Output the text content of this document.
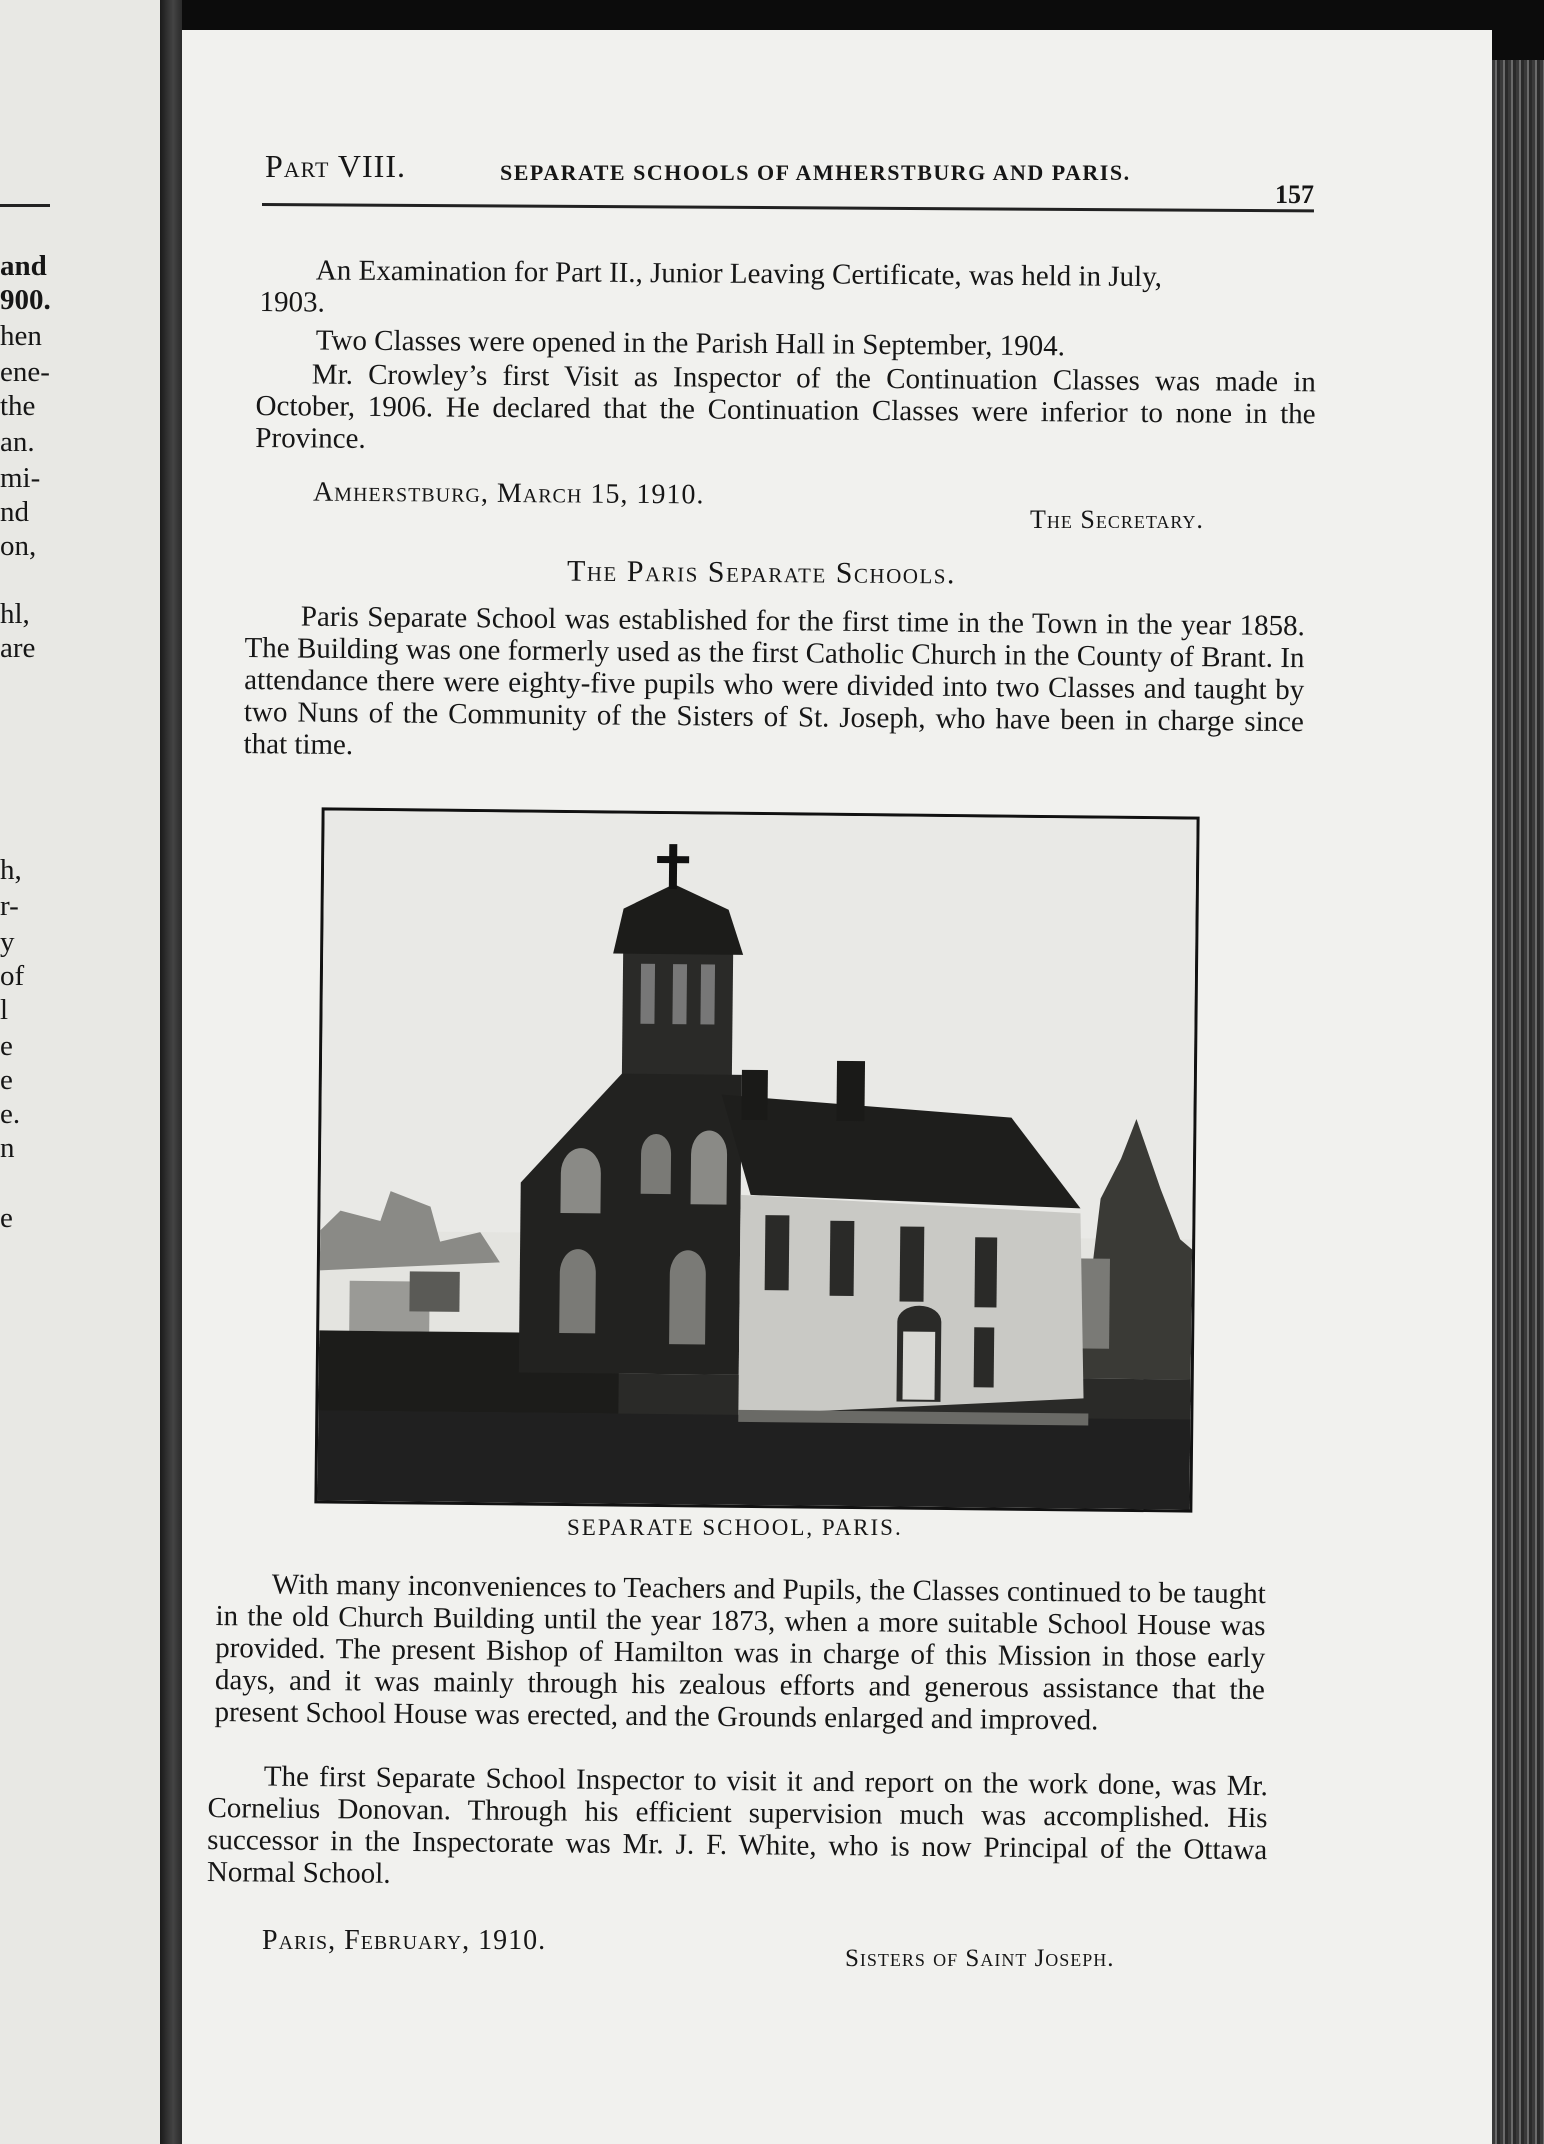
and
900.
hen
ene-
the
an.
mi-
nd
on,
hl,
are
h,
r-
y
of
l
e
e
e.
n
e
Part VIII.	SEPARATE SCHOOLS OF AMHERSTBURG AND PARIS.
157
An Examination for Part II., Junior Leaving Certificate, was held in July,
1903.
Two Classes were opened in the Parish Hall in September, 1904.
Mr. Crowley’s first Visit as Inspector of the Continuation Classes was made in October, 1906. He declared that the Continuation Classes were inferior to none in the Province.
Amherstburg, March 15, 1910.
The Secretary.
The Paris Separate Schools.
Paris Separate School was established for the first time in the Town in the year 1858. The Building was one formerly used as the first Catholic Church in the County of Brant. In attendance there were eighty-five pupils who were divided into two Classes and taught by two Nuns of the Community of the Sisters of St. Joseph, who have been in charge since that time.
SEPARATE SCHOOL, PARIS.
With many inconveniences to Teachers and Pupils, the Classes continued to be taught in the old Church Building until the year 1873, when a more suitable School House was provided. The present Bishop of Hamilton was in charge of this Mission in those early days, and it was mainly through his zealous efforts and generous assistance that the present School House was erected, and the Grounds enlarged and improved.
The first Separate School Inspector to visit it and report on the work done, was Mr. Cornelius Donovan. Through his efficient supervision much was accomplished. His successor in the Inspectorate was Mr. J. F. White, who is now Principal of the Ottawa Normal School.
Paris, February, 1910.
Sisters of Saint Joseph.
